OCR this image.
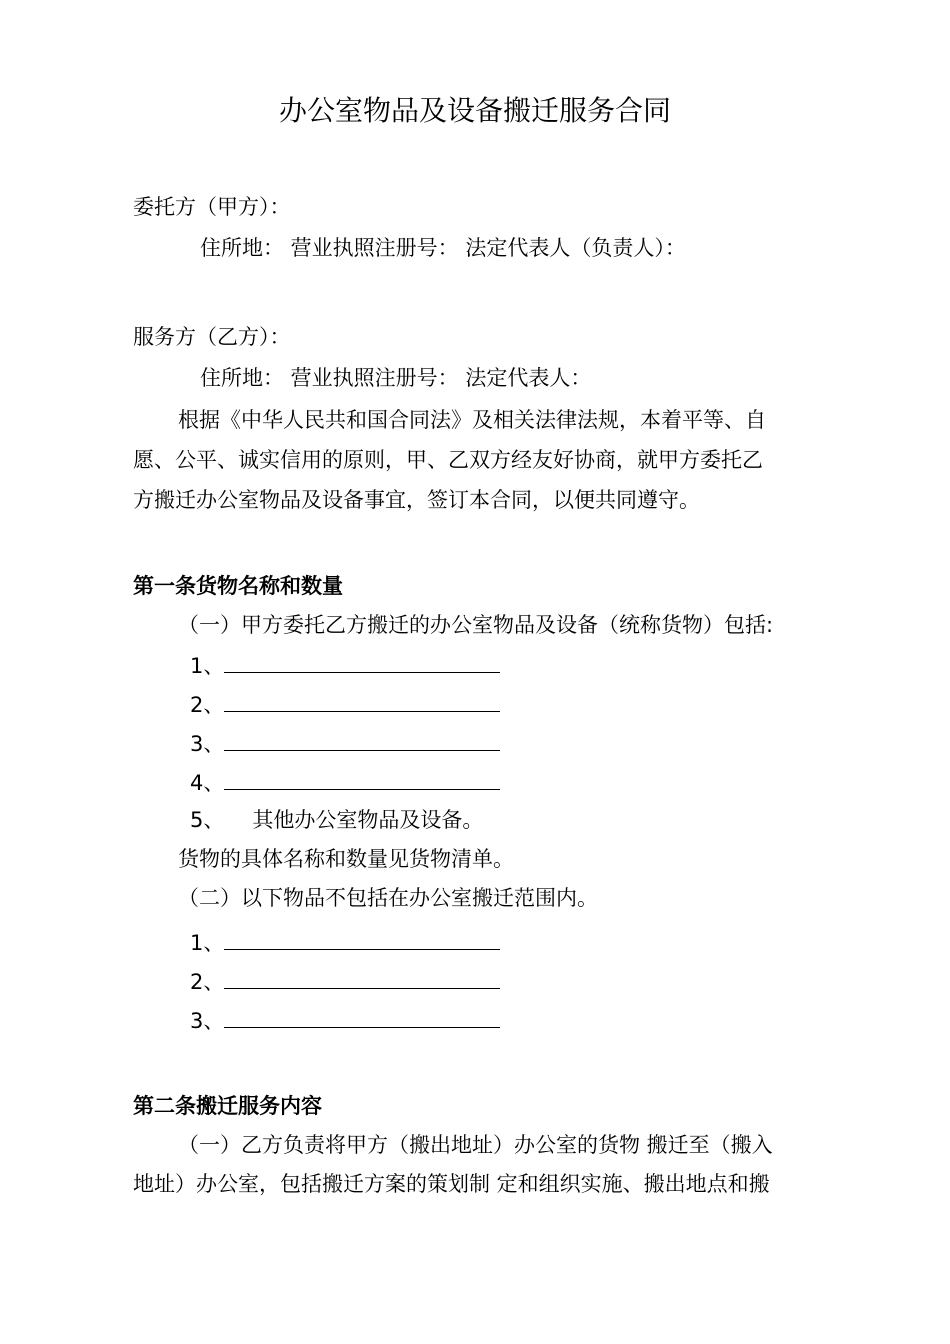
办公室物品及设备搬迁服务合同
委托方（甲方）：
住所地： 营业执照注册号： 法定代表人（负责人）：
服务方（乙方）：
住所地： 营业执照注册号： 法定代表人：
根据《中华人民共和国合同法》及相关法律法规，本着平等、自
愿、公平、诚实信用的原则，甲、乙双方经友好协商，就甲方委托乙
方搬迁办公室物品及设备事宜，签订本合同，以便共同遵守。
第一条货物名称和数量
（一）甲方委托乙方搬迁的办公室物品及设备（统称货物）包括:
1、
2、
3、
4、
5、 其他办公室物品及设备。
货物的具体名称和数量见货物清单。
（二）以下物品不包括在办公室搬迁范围内。
1、
2、
3、
第二条搬迁服务内容
（一）乙方负责将甲方（搬出地址）办公室的货物 搬迁至（搬入
地址）办公室，包括搬迁方案的策划制 定和组织实施、搬出地点和搬
